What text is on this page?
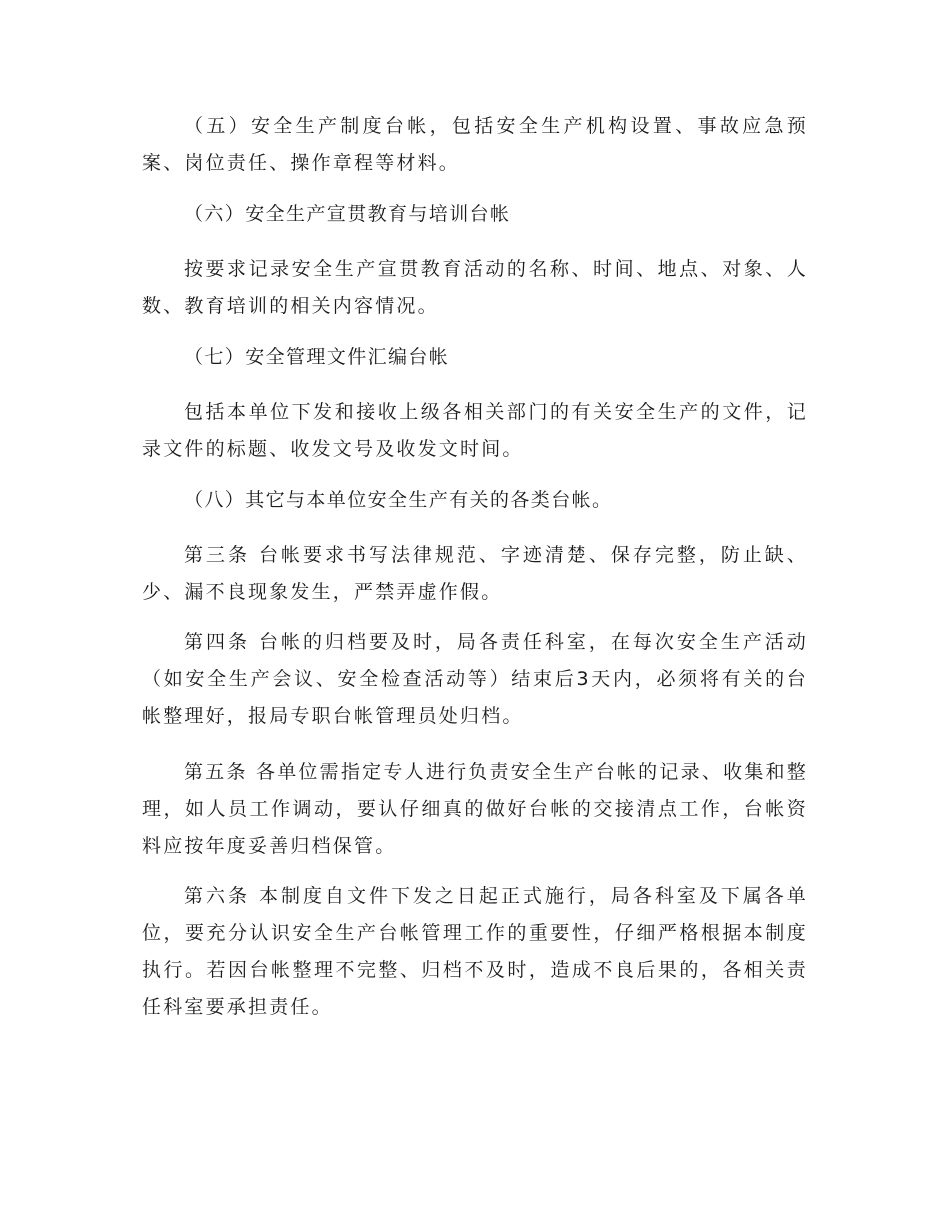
（五）安全生产制度台帐，包括安全生产机构设置、事故应急预案、岗位责任、操作章程等材料。

（六）安全生产宣贯教育与培训台帐

按要求记录安全生产宣贯教育活动的名称、时间、地点、对象、人数、教育培训的相关内容情况。

（七）安全管理文件汇编台帐

包括本单位下发和接收上级各相关部门的有关安全生产的文件，记录文件的标题、收发文号及收发文时间。

（八）其它与本单位安全生产有关的各类台帐。

第三条 台帐要求书写法律规范、字迹清楚、保存完整，防止缺、少、漏不良现象发生，严禁弄虚作假。

第四条 台帐的归档要及时，局各责任科室，在每次安全生产活动（如安全生产会议、安全检查活动等）结束后3天内，必须将有关的台帐整理好，报局专职台帐管理员处归档。

第五条 各单位需指定专人进行负责安全生产台帐的记录、收集和整理，如人员工作调动，要认仔细真的做好台帐的交接清点工作，台帐资料应按年度妥善归档保管。

第六条 本制度自文件下发之日起正式施行，局各科室及下属各单位，要充分认识安全生产台帐管理工作的重要性，仔细严格根据本制度执行。若因台帐整理不完整、归档不及时，造成不良后果的，各相关责任科室要承担责任。
